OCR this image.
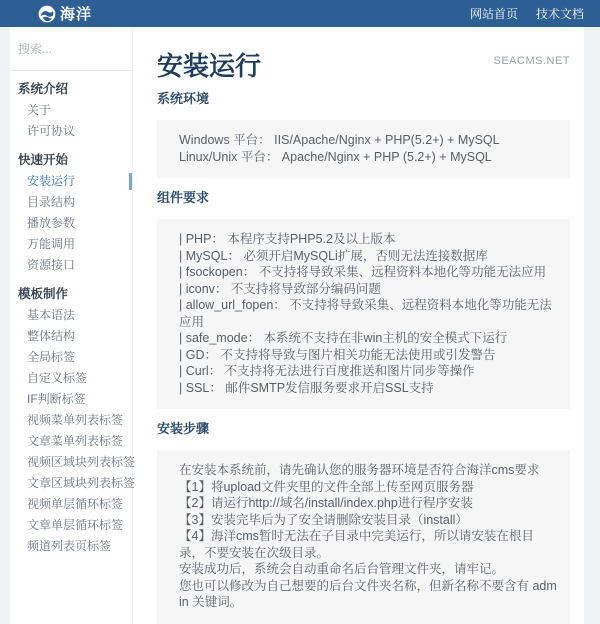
海洋	网站首页 技术文档
搜索...
系统介绍
关于
许可协议
快速开始
安装运行
目录结构
播放参数
万能调用
资源接口
模板制作
基本语法
整体结构
全局标签
自定义标签
IF判断标签
视频菜单列表标签
文章菜单列表标签
视频区域块列表标签
文章区域块列表标签
视频单层循环标签
文章单层循环标签
频道列表页标签
安装运行	SEACMS.NET
系统环境
Windows 平台： IIS/Apache/Nginx + PHP(5.2+) + MySQL
Linux/Unix 平台： Apache/Nginx + PHP (5.2+) + MySQL
组件要求
| PHP： 本程序支持PHP5.2及以上版本
| MySQL： 必须开启MySQLi扩展，否则无法连接数据库
| fsockopen： 不支持将导致采集、远程资料本地化等功能无法应用
| iconv： 不支持将导致部分编码问题
| allow_url_fopen： 不支持将导致采集、远程资料本地化等功能无法应用
| safe_mode： 本系统不支持在非win主机的安全模式下运行
| GD： 不支持将导致与图片相关功能无法使用或引发警告
| Curl： 不支持将无法进行百度推送和图片同步等操作
| SSL： 邮件SMTP发信服务要求开启SSL支持
安装步骤
在安装本系统前，请先确认您的服务器环境是否符合海洋cms要求
【1】将upload文件夹里的文件全部上传至网页服务器
【2】请运行http://域名/install/index.php进行程序安装
【3】安装完毕后为了安全请删除安装目录（install）
【4】海洋cms暂时无法在子目录中完美运行，所以请安装在根目录，不要安装在次级目录。
安装成功后，系统会自动重命名后台管理文件夹，请牢记。
您也可以修改为自己想要的后台文件夹名称，但新名称不要含有 admin 关键词。
